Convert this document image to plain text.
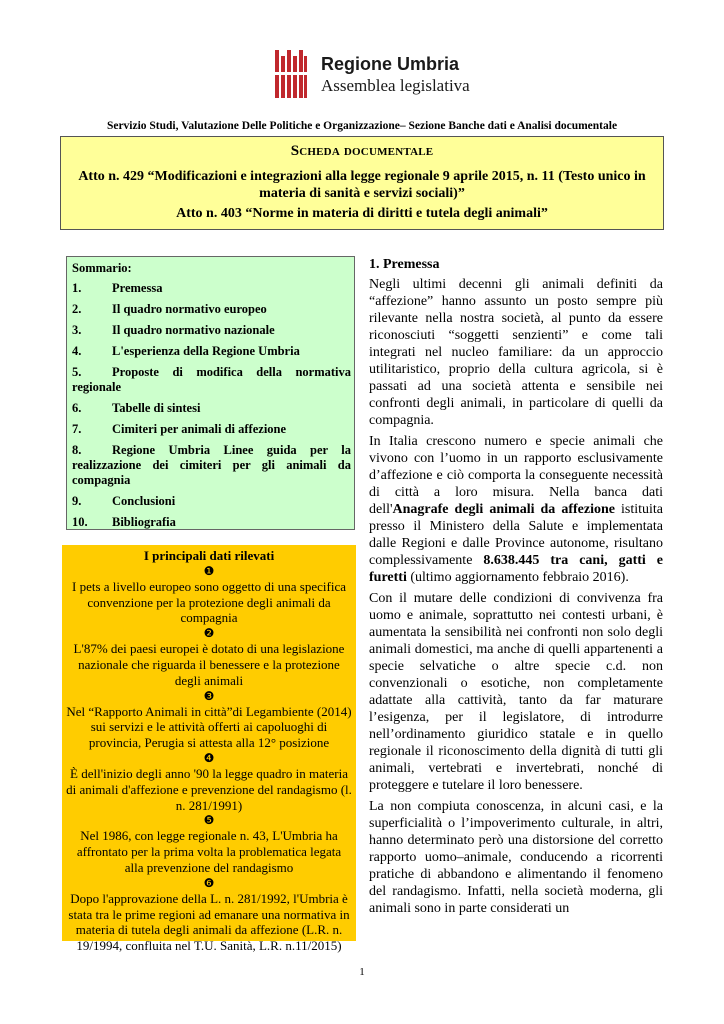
Regione Umbria
Assemblea legislativa
Servizio Studi, Valutazione Delle Politiche e Organizzazione– Sezione Banche dati e Analisi documentale
Scheda documentale
Atto n. 429 “Modificazioni e integrazioni alla legge regionale 9 aprile 2015, n. 11 (Testo unico in materia di sanità e servizi sociali)”
Atto n. 403 “Norme in materia di diritti e tutela degli animali”
Sommario:
1.	Premessa
2.	Il quadro normativo europeo
3.	Il quadro normativo nazionale
4.	L'esperienza della Regione Umbria
5. Proposte di modifica della normativa regionale
6.	Tabelle di sintesi
7.	Cimiteri per animali di affezione
8. Regione Umbria Linee guida per la realizzazione dei cimiteri per gli animali da compagnia
9.	Conclusioni
10.	Bibliografia
I principali dati rilevati
❶
I pets a livello europeo sono oggetto di una specifica convenzione per la protezione degli animali da compagnia
❷
L'87% dei paesi europei è dotato di una legislazione nazionale che riguarda il benessere e la protezione degli animali
❸
Nel “Rapporto Animali in città”di Legambiente (2014) sui servizi e le attività offerti ai capoluoghi di provincia, Perugia si attesta alla 12° posizione
❹
È dell'inizio degli anno '90 la legge quadro in materia di animali d'affezione e prevenzione del randagismo (l. n. 281/1991)
❺
Nel 1986, con legge regionale n. 43, L'Umbria ha affrontato per la prima volta la problematica legata alla prevenzione del randagismo
❻
Dopo l'approvazione della L. n. 281/1992, l'Umbria è stata tra le prime regioni ad emanare una normativa in materia di tutela degli animali da affezione (L.R. n. 19/1994, confluita nel T.U. Sanità, L.R. n.11/2015)
1. Premessa

Negli ultimi decenni gli animali definiti da “affezione” hanno assunto un posto sempre più rilevante nella nostra società, al punto da essere riconosciuti “soggetti senzienti” e come tali integrati nel nucleo familiare: da un approccio utilitaristico, proprio della cultura agricola, si è passati ad una società attenta e sensibile nei confronti degli animali, in particolare di quelli da compagnia.

In Italia crescono numero e specie animali che vivono con l’uomo in un rapporto esclusivamente d’affezione e ciò comporta la conseguente necessità di città a loro misura. Nella banca dati dell'Anagrafe degli animali da affezione istituita presso il Ministero della Salute e implementata dalle Regioni e dalle Province autonome, risultano complessivamente 8.638.445 tra cani, gatti e furetti (ultimo aggiornamento febbraio 2016).

Con il mutare delle condizioni di convivenza fra uomo e animale, soprattutto nei contesti urbani, è aumentata la sensibilità nei confronti non solo degli animali domestici, ma anche di quelli appartenenti a specie selvatiche o altre specie c.d. non convenzionali o esotiche, non completamente adattate alla cattività, tanto da far maturare l’esigenza, per il legislatore, di introdurre nell’ordinamento giuridico statale e in quello regionale il riconoscimento della dignità di tutti gli animali, vertebrati e invertebrati, nonché di proteggere e tutelare il loro benessere.

La non compiuta conoscenza, in alcuni casi, e la superficialità o l’impoverimento culturale, in altri, hanno determinato però una distorsione del corretto rapporto uomo–animale, conducendo a ricorrenti pratiche di abbandono e alimentando il fenomeno del randagismo. Infatti, nella società moderna, gli animali sono in parte considerati un

1
